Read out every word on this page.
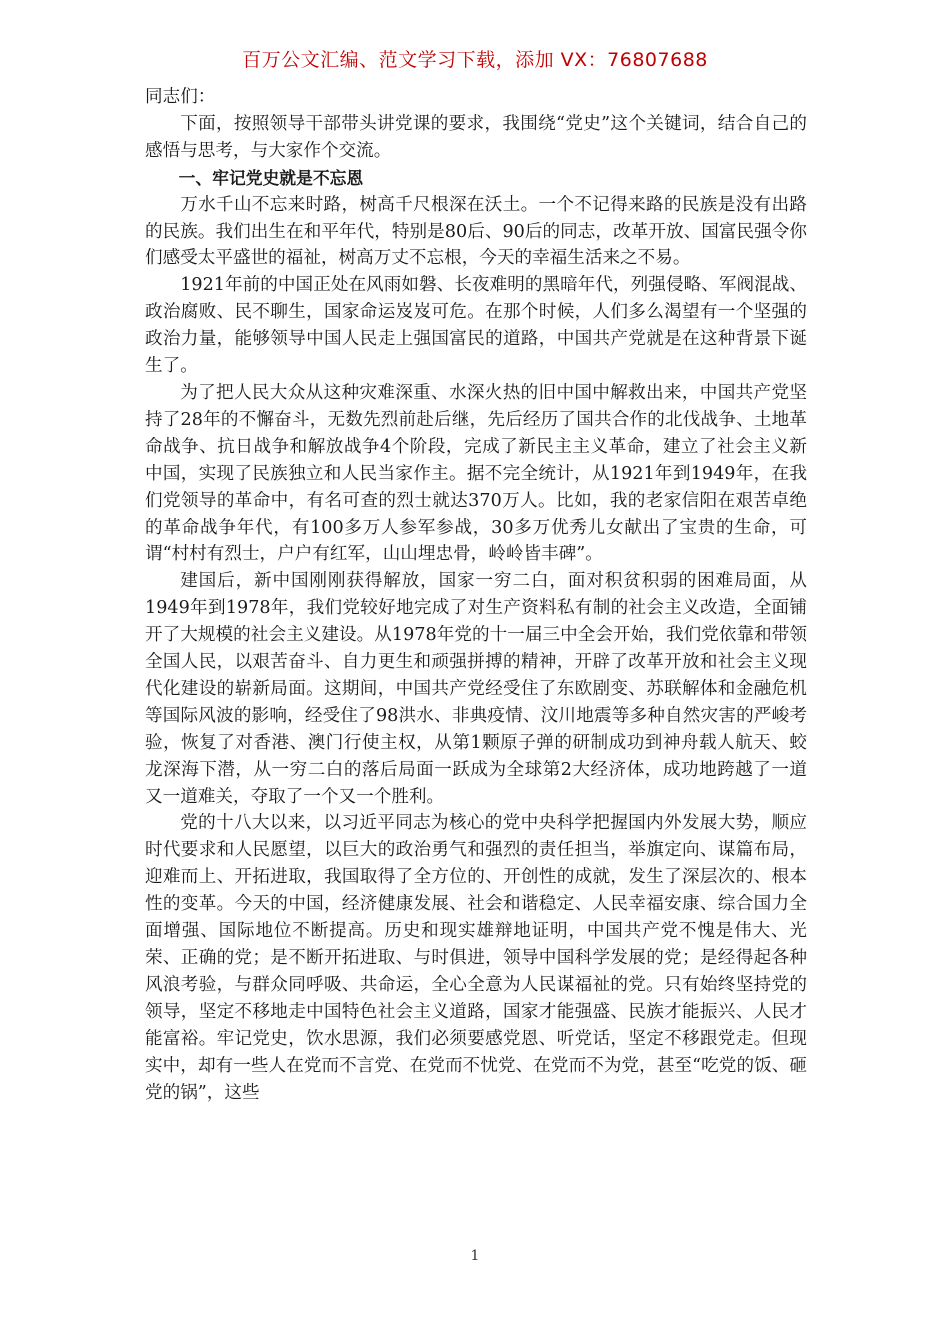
百万公文汇编、范文学习下载，添加 VX：76807688

同志们：

下面，按照领导干部带头讲党课的要求，我围绕“党史”这个关键词，结合自己的感悟与思考，与大家作个交流。

一、牢记党史就是不忘恩

万水千山不忘来时路，树高千尺根深在沃土。一个不记得来路的民族是没有出路的民族。我们出生在和平年代，特别是80后、90后的同志，改革开放、国富民强令你们感受太平盛世的福祉，树高万丈不忘根，今天的幸福生活来之不易。

1921年前的中国正处在风雨如磐、长夜难明的黑暗年代，列强侵略、军阀混战、政治腐败、民不聊生，国家命运岌岌可危。在那个时候，人们多么渴望有一个坚强的政治力量，能够领导中国人民走上强国富民的道路，中国共产党就是在这种背景下诞生了。

为了把人民大众从这种灾难深重、水深火热的旧中国中解救出来，中国共产党坚持了28年的不懈奋斗，无数先烈前赴后继，先后经历了国共合作的北伐战争、土地革命战争、抗日战争和解放战争4个阶段，完成了新民主主义革命，建立了社会主义新中国，实现了民族独立和人民当家作主。据不完全统计，从1921年到1949年，在我们党领导的革命中，有名可查的烈士就达370万人。比如，我的老家信阳在艰苦卓绝的革命战争年代，有100多万人参军参战，30多万优秀儿女献出了宝贵的生命，可谓“村村有烈士，户户有红军，山山埋忠骨，岭岭皆丰碑”。

建国后，新中国刚刚获得解放，国家一穷二白，面对积贫积弱的困难局面，从1949年到1978年，我们党较好地完成了对生产资料私有制的社会主义改造，全面铺开了大规模的社会主义建设。从1978年党的十一届三中全会开始，我们党依靠和带领全国人民，以艰苦奋斗、自力更生和顽强拼搏的精神，开辟了改革开放和社会主义现代化建设的崭新局面。这期间，中国共产党经受住了东欧剧变、苏联解体和金融危机等国际风波的影响，经受住了98洪水、非典疫情、汶川地震等多种自然灾害的严峻考验，恢复了对香港、澳门行使主权，从第1颗原子弹的研制成功到神舟载人航天、蛟龙深海下潜，从一穷二白的落后局面一跃成为全球第2大经济体，成功地跨越了一道又一道难关，夺取了一个又一个胜利。

党的十八大以来，以习近平同志为核心的党中央科学把握国内外发展大势，顺应时代要求和人民愿望，以巨大的政治勇气和强烈的责任担当，举旗定向、谋篇布局，迎难而上、开拓进取，我国取得了全方位的、开创性的成就，发生了深层次的、根本性的变革。今天的中国，经济健康发展、社会和谐稳定、人民幸福安康、综合国力全面增强、国际地位不断提高。历史和现实雄辩地证明，中国共产党不愧是伟大、光荣、正确的党；是不断开拓进取、与时俱进，领导中国科学发展的党；是经得起各种风浪考验，与群众同呼吸、共命运，全心全意为人民谋福祉的党。只有始终坚持党的领导，坚定不移地走中国特色社会主义道路，国家才能强盛、民族才能振兴、人民才能富裕。牢记党史，饮水思源，我们必须要感党恩、听党话，坚定不移跟党走。但现实中，却有一些人在党而不言党、在党而不忧党、在党而不为党，甚至“吃党的饭、砸党的锅”，这些

1
